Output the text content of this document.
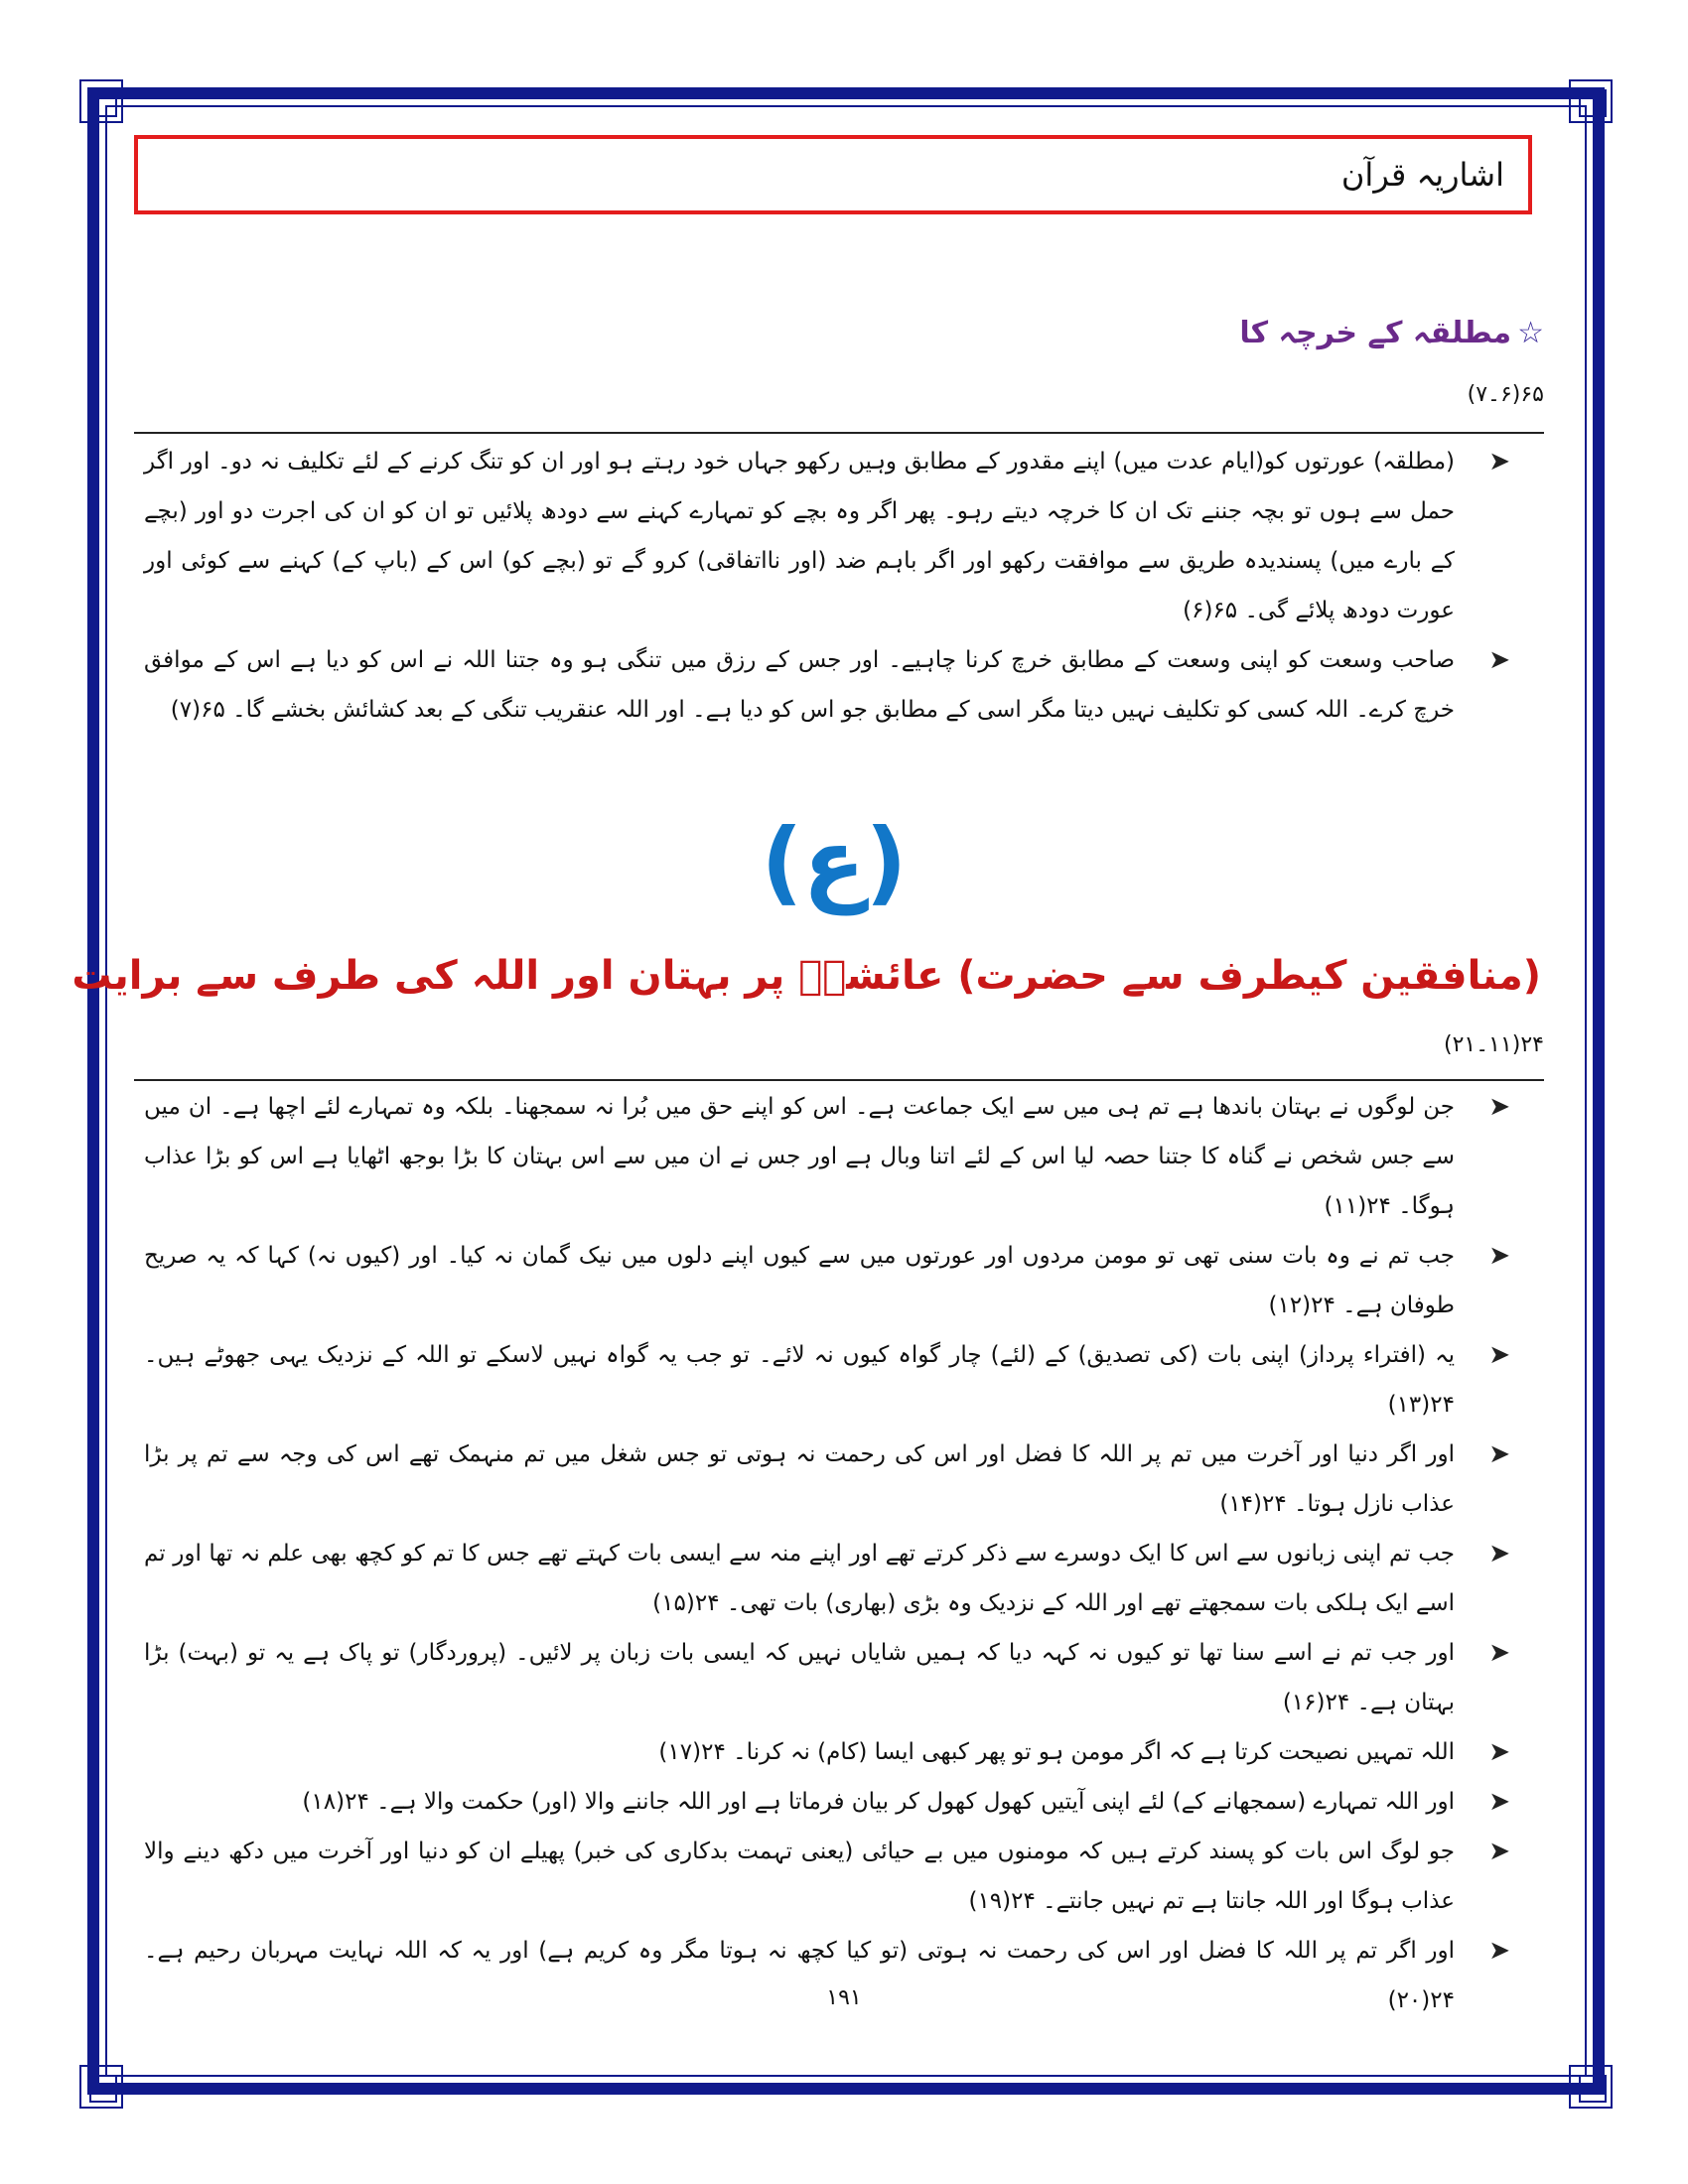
اشاریہ قرآن
☆مطلقہ کے خرچہ کا
۶۵(۶۔۷)
➤
(مطلقہ) عورتوں کو(ایام عدت میں) اپنے مقدور کے مطابق وہیں رکھو جہاں خود رہتے ہو اور ان کو تنگ کرنے کے لئے تکلیف نہ دو۔ اور اگر حمل سے ہوں تو بچہ جننے تک ان کا خرچہ دیتے رہو۔ پھر اگر وہ بچے کو تمہارے کہنے سے دودھ پلائیں تو ان کو ان کی اجرت دو اور (بچے کے بارے میں) پسندیدہ طریق سے موافقت رکھو اور اگر باہم ضد (اور نااتفاقی) کرو گے تو (بچے کو) اس کے (باپ کے) کہنے سے کوئی اور عورت دودھ پلائے گی۔ ۶۵(۶)
➤
صاحب وسعت کو اپنی وسعت کے مطابق خرچ کرنا چاہیے۔ اور جس کے رزق میں تنگی ہو وہ جتنا اللہ نے اس کو دیا ہے اس کے موافق خرچ کرے۔ اللہ کسی کو تکلیف نہیں دیتا مگر اسی کے مطابق جو اس کو دیا ہے۔ اور اللہ عنقریب تنگی کے بعد کشائش بخشے گا۔ ۶۵(۷)
(ع)
(منافقین کیطرف سے حضرت) عائشہؓ پر بہتان اور اللہ کی طرف سے برایت
۲۴(۱۱۔۲۱)
➤
جن لوگوں نے بہتان باندھا ہے تم ہی میں سے ایک جماعت ہے۔ اس کو اپنے حق میں بُرا نہ سمجھنا۔ بلکہ وہ تمہارے لئے اچھا ہے۔ ان میں سے جس شخص نے گناہ کا جتنا حصہ لیا اس کے لئے اتنا وبال ہے اور جس نے ان میں سے اس بہتان کا بڑا بوجھ اٹھایا ہے اس کو بڑا عذاب ہوگا۔ ۲۴(۱۱)
➤
جب تم نے وہ بات سنی تھی تو مومن مردوں اور عورتوں میں سے کیوں اپنے دلوں میں نیک گمان نہ کیا۔ اور (کیوں نہ) کہا کہ یہ صریح طوفان ہے۔ ۲۴(۱۲)
➤
یہ (افتراء پرداز) اپنی بات (کی تصدیق) کے (لئے) چار گواہ کیوں نہ لائے۔ تو جب یہ گواہ نہیں لاسکے تو اللہ کے نزدیک یہی جھوٹے ہیں۔ ۲۴(۱۳)
➤
اور اگر دنیا اور آخرت میں تم پر اللہ کا فضل اور اس کی رحمت نہ ہوتی تو جس شغل میں تم منہمک تھے اس کی وجہ سے تم پر بڑا عذاب نازل ہوتا۔ ۲۴(۱۴)
➤
جب تم اپنی زبانوں سے اس کا ایک دوسرے سے ذکر کرتے تھے اور اپنے منہ سے ایسی بات کہتے تھے جس کا تم کو کچھ بھی علم نہ تھا اور تم اسے ایک ہلکی بات سمجھتے تھے اور اللہ کے نزدیک وہ بڑی (بھاری) بات تھی۔ ۲۴(۱۵)
➤
اور جب تم نے اسے سنا تھا تو کیوں نہ کہہ دیا کہ ہمیں شایاں نہیں کہ ایسی بات زبان پر لائیں۔ (پروردگار) تو پاک ہے یہ تو (بہت) بڑا بہتان ہے۔ ۲۴(۱۶)
➤
اللہ تمہیں نصیحت کرتا ہے کہ اگر مومن ہو تو پھر کبھی ایسا (کام) نہ کرنا۔ ۲۴(۱۷)
➤
اور اللہ تمہارے (سمجھانے کے) لئے اپنی آیتیں کھول کھول کر بیان فرماتا ہے اور اللہ جاننے والا (اور) حکمت والا ہے۔ ۲۴(۱۸)
➤
جو لوگ اس بات کو پسند کرتے ہیں کہ مومنوں میں بے حیائی (یعنی تہمت بدکاری کی خبر) پھیلے ان کو دنیا اور آخرت میں دکھ دینے والا عذاب ہوگا اور اللہ جانتا ہے تم نہیں جانتے۔ ۲۴(۱۹)
➤
اور اگر تم پر اللہ کا فضل اور اس کی رحمت نہ ہوتی (تو کیا کچھ نہ ہوتا مگر وہ کریم ہے) اور یہ کہ اللہ نہایت مہربان رحیم ہے۔ ۲۴(۲۰)
۱۹۱
